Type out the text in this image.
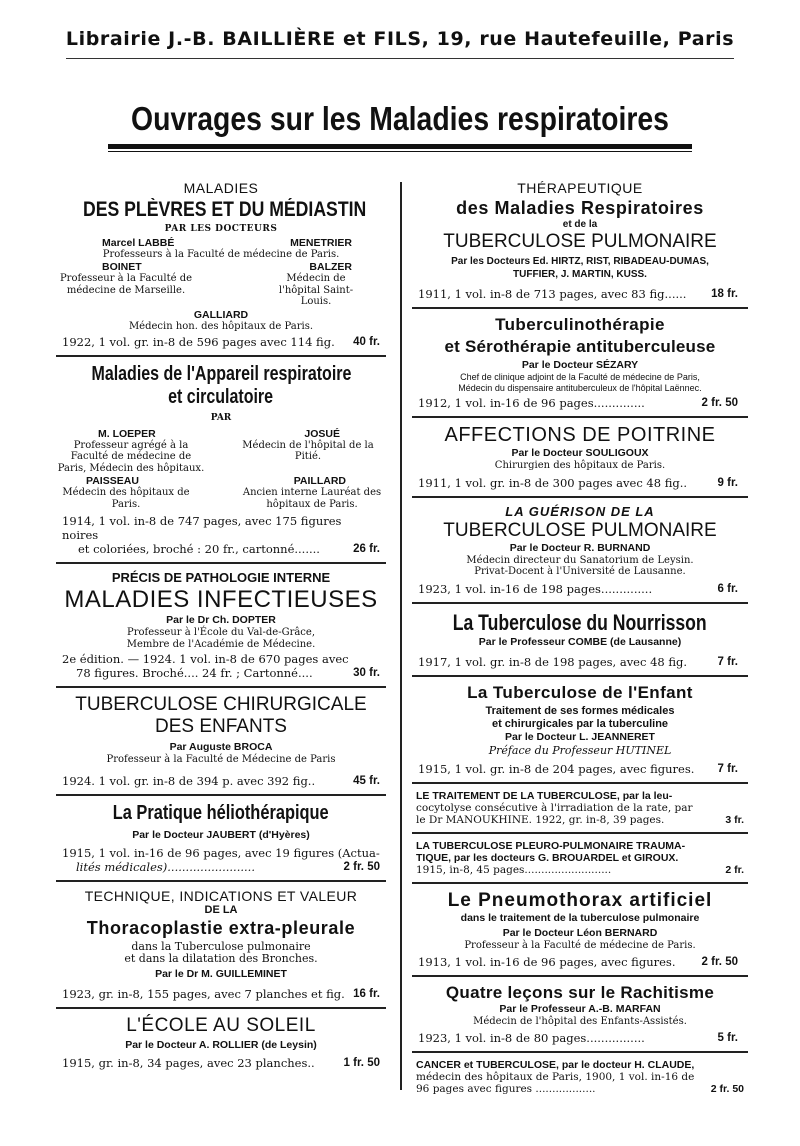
Librairie J.-B. BAILLIÈRE et FILS, 19, rue Hautefeuille, Paris
Ouvrages sur les Maladies respiratoires
MALADIES
DES PLÈVRES ET DU MÉDIASTIN
PAR LES DOCTEURS
Marcel LABBÉ	MENETRIER
Professeurs à la Faculté de médecine de Paris.
BOINET	BALZER
Professeur à la Faculté de médecine de Marseille.
Médecin de l'hôpital Saint-Louis.
GALLIARD
Médecin hon. des hôpitaux de Paris.
1922, 1 vol. gr. in-8 de 596 pages avec 114 fig. 40 fr.
Maladies de l'Appareil respiratoire
et circulatoire
PAR
M. LOEPER	JOSUÉ
Professeur agrégé à la Faculté de médecine de Paris, Médecin des hôpitaux.
Médecin de l'hôpital de la Pitié.
PAISSEAU	PAILLARD
Médecin des hôpitaux de Paris.
Ancien interne Lauréat des hôpitaux de Paris.
1914, 1 vol. in-8 de 747 pages, avec 175 figures noires
et coloriées, broché : 20 fr., cartonné.......	26 fr.
PRÉCIS DE PATHOLOGIE INTERNE
MALADIES INFECTIEUSES
Par le Dr Ch. DOPTER
Professeur à l'École du Val-de-Grâce,
Membre de l'Académie de Médecine.
2e édition. — 1924. 1 vol. in-8 de 670 pages avec
78 figures. Broché.... 24 fr. ; Cartonné....	30 fr.
TUBERCULOSE CHIRURGICALE
DES ENFANTS
Par Auguste BROCA
Professeur à la Faculté de Médecine de Paris
1924. 1 vol. gr. in-8 de 394 p. avec 392 fig..	45 fr.
La Pratique héliothérapique
Par le Docteur JAUBERT (d'Hyères)
1915, 1 vol. in-16 de 96 pages, avec 19 figures (Actua-
lités médicales)........................	2 fr. 50
TECHNIQUE, INDICATIONS ET VALEUR
DE LA
Thoracoplastie extra-pleurale
dans la Tuberculose pulmonaire
et dans la dilatation des Bronches.
Par le Dr M. GUILLEMINET
1923, gr. in-8, 155 pages, avec 7 planches et fig. 16 fr.
L'ÉCOLE AU SOLEIL
Par le Docteur A. ROLLIER (de Leysin)
1915, gr. in-8, 34 pages, avec 23 planches..	1 fr. 50
THÉRAPEUTIQUE
des Maladies Respiratoires
et de la
TUBERCULOSE PULMONAIRE
Par les Docteurs Ed. HIRTZ, RIST, RIBADEAU-DUMAS,
TUFFIER, J. MARTIN, KUSS.
1911, 1 vol. in-8 de 713 pages, avec 83 fig...... 18 fr.
Tuberculinothérapie
et Sérothérapie antituberculeuse
Par le Docteur SÉZARY
Chef de clinique adjoint de la Faculté de médecine de Paris,
Médecin du dispensaire antituberculeux de l'hôpital Laënnec.
1912, 1 vol. in-16 de 96 pages..............	2 fr. 50
AFFECTIONS DE POITRINE
Par le Docteur SOULIGOUX
Chirurgien des hôpitaux de Paris.
1911, 1 vol. gr. in-8 de 300 pages avec 48 fig..	9 fr.
LA GUÉRISON DE LA
TUBERCULOSE PULMONAIRE
Par le Docteur R. BURNAND
Médecin directeur du Sanatorium de Leysin.
Privat-Docent à l'Université de Lausanne.
1923, 1 vol. in-16 de 198 pages..............	6 fr.
La Tuberculose du Nourrisson
Par le Professeur COMBE (de Lausanne)
1917, 1 vol. gr. in-8 de 198 pages, avec 48 fig.	7 fr.
La Tuberculose de l'Enfant
Traitement de ses formes médicales
et chirurgicales par la tuberculine
Par le Docteur L. JEANNERET
Préface du Professeur HUTINEL
1915, 1 vol. gr. in-8 de 204 pages, avec figures. 7 fr.
LE TRAITEMENT DE LA TUBERCULOSE, par la leu-
cocytolyse consécutive à l'irradiation de la rate, par
le Dr MANOUKHINE. 1922, gr. in-8, 39 pages.	3 fr.
LA TUBERCULOSE PLEURO-PULMONAIRE TRAUMA-
TIQUE, par les docteurs G. BROUARDEL et GIROUX.
1915, in-8, 45 pages..........................	2 fr.
Le Pneumothorax artificiel
dans le traitement de la tuberculose pulmonaire
Par le Docteur Léon BERNARD
Professeur à la Faculté de médecine de Paris.
1913, 1 vol. in-16 de 96 pages, avec figures. 2 fr. 50
Quatre leçons sur le Rachitisme
Par le Professeur A.-B. MARFAN
Médecin de l'hôpital des Enfants-Assistés.
1923, 1 vol. in-8 de 80 pages................	5 fr.
CANCER et TUBERCULOSE, par le docteur H. CLAUDE,
médecin des hôpitaux de Paris, 1900, 1 vol. in-16 de
96 pages avec figures ..................	2 fr. 50
